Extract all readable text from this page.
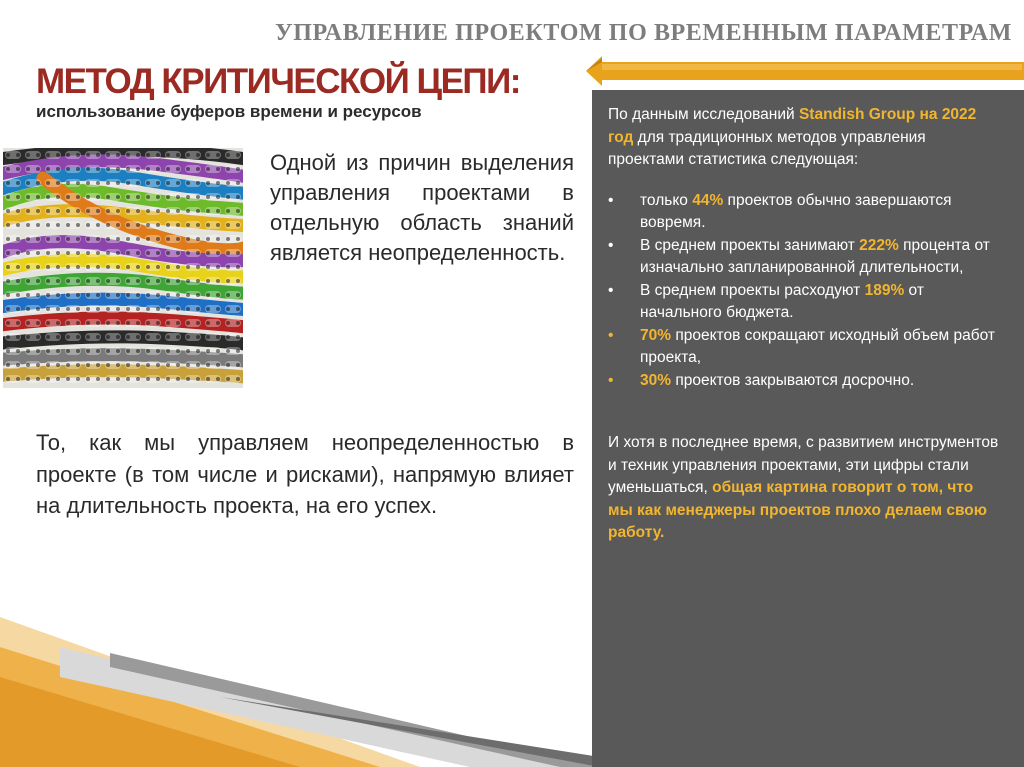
УПРАВЛЕНИЕ ПРОЕКТОМ ПО ВРЕМЕННЫМ ПАРАМЕТРАМ
МЕТОД КРИТИЧЕСКОЙ ЦЕПИ:
использование буферов времени и ресурсов
Одной из причин выделения управления проектами в отдельную область знаний является неопределенность.
То, как мы управляем неопределенностью в проекте (в том числе и рисками), напрямую влияет на длительность проекта, на его успех.

По данным исследований Standish Group на 2022 год для традиционных методов управления проектами статистика следующая:

•	только 44% проектов обычно завершаются вовремя.
•	В среднем проекты занимают 222% процента от изначально запланированной длительности,
•	В среднем проекты расходуют 189% от начального бюджета.
•	70% проектов сокращают исходный объем работ проекта,
•	30% проектов закрываются досрочно.

И хотя в последнее время, с развитием инструментов и техник управления проектами, эти цифры стали уменьшаться, общая картина говорит о том, что мы как менеджеры проектов плохо делаем свою работу.
